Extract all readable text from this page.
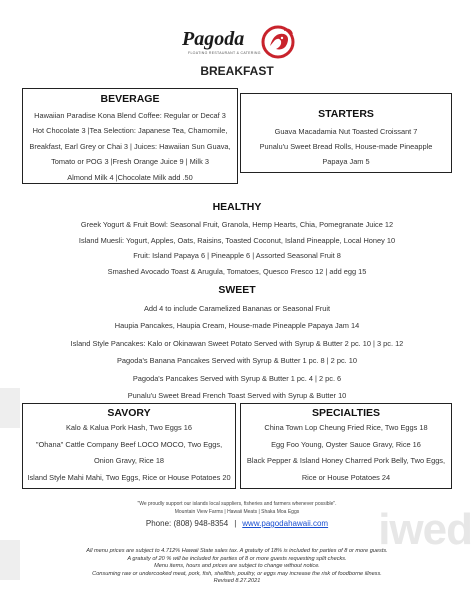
iwed
Pagoda
FLOATING RESTAURANT & CATERING
BREAKFAST
BEVERAGE
Hawaiian Paradise Kona Blend Coffee: Regular or Decaf 3
Hot Chocolate 3 |Tea Selection: Japanese Tea, Chamomile,
Breakfast, Earl Grey or Chai 3 | Juices: Hawaiian Sun Guava,
Tomato or POG 3 |Fresh Orange Juice 9 | Milk 3
Almond Milk 4 |Chocolate Milk add .50
STARTERS
Guava Macadamia Nut Toasted Croissant 7
Punalu'u Sweet Bread Rolls, House-made Pineapple
Papaya Jam 5
HEALTHY
Greek Yogurt & Fruit Bowl: Seasonal Fruit, Granola, Hemp Hearts, Chia, Pomegranate Juice 12
Island Muesli: Yogurt, Apples, Oats, Raisins, Toasted Coconut, Island Pineapple, Local Honey 10
Fruit: Island Papaya 6 | Pineapple 6 | Assorted Seasonal Fruit 8
Smashed Avocado Toast & Arugula, Tomatoes, Quesco Fresco 12 | add egg 15
SWEET
Add 4 to include Caramelized Bananas or Seasonal Fruit
Haupia Pancakes, Haupia Cream, House-made Pineapple Papaya Jam 14
Island Style Pancakes: Kalo or Okinawan Sweet Potato Served with Syrup & Butter 2 pc. 10 | 3 pc. 12
Pagoda's Banana Pancakes Served with Syrup & Butter 1 pc. 8 | 2 pc. 10
Pagoda's Pancakes Served with Syrup & Butter 1 pc. 4 | 2 pc. 6
Punalu'u Sweet Bread French Toast Served with Syrup & Butter 10
SAVORY
Kalo & Kalua Pork Hash, Two Eggs 16
"Ohana" Cattle Company Beef LOCO MOCO, Two Eggs,
Onion Gravy, Rice 18
Island Style Mahi Mahi, Two Eggs, Rice or House Potatoes 20
SPECIALTIES
China Town Lop Cheung Fried Rice, Two Eggs 18
Egg Foo Young, Oyster Sauce Gravy, Rice 16
Black Pepper & Island Honey Charred Pork Belly, Two Eggs,
Rice or House Potatoes 24
"We proudly support our islands local suppliers, fisheries and farmers whenever possible".
Mountain View Farms | Hawaii Meats | Shaka Moa Eggs
Phone: (808) 948-8354 | www.pagodahawaii.com
All menu prices are subject to 4.712% Hawaii State sales tax. A gratuity of 18% is included for parties of 8 or more guests.
A gratuity of 20 % will be included for parties of 8 or more guests requesting split checks.
Menu items, hours and prices are subject to change without notice.
Consuming raw or undercooked meat, pork, fish, shellfish, poultry, or eggs may increase the risk of foodborne illness.
Revised 8.27.2021
